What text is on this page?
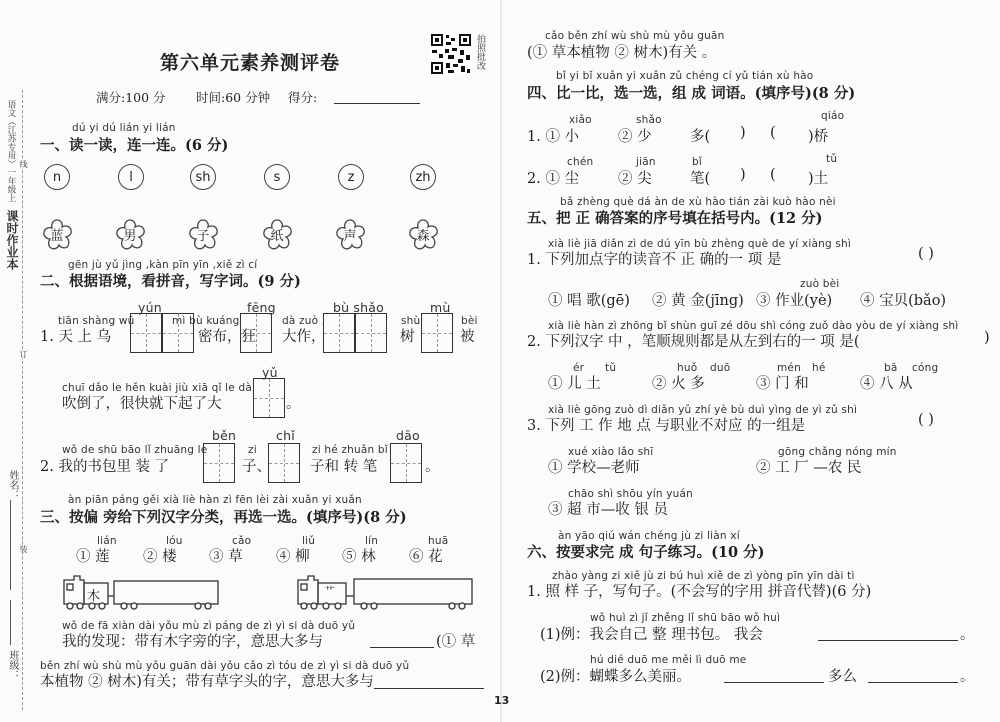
课时作业本
语文（江苏专用）一年级上 线
订
装
姓名：
班级：
第六单元素养测评卷	拍照批改
满分:100 分 时间:60 分钟 得分:
dú yi dú lián yi lián
一、读一读，连一连。(6 分)
n	l	sh	s	z	zh
蓝	男	子	纸	声	森
gēn jù yǔ jìng ,kàn pīn yīn ,xiě zì cí
二、根据语境，看拼音，写字词。(9 分)
yún	fēng	bù shǎo	mù
tiān shàng wū	mì bù kuáng	dà zuò ,	shù	bèi
1. 天 上 乌	密布，狂 大作，	树	被
chuī dǎo le hěn kuài jiù xiā qǐ le dà
yǔ
吹倒了，很快就下起了大	。
běn	chǐ	dāo
wǒ de shū bāo lǐ zhuāng le	zi	zi hé zhuǎn bǐ
2. 我的书包里 装 了	子、	子和 转 笔	。
àn piān páng gěi xià liè hàn zì fēn lèi zài xuǎn yi xuǎn
三、按偏 旁给下列汉字分类，再选一选。(填序号)(8 分)
lián	lóu	cǎo	liǔ	lín	huā
① 莲 ② 楼 ③ 草 ④ 柳 ⑤ 林 ⑥ 花
木	艹
wǒ de fā xiàn dài yǒu mù zì páng de zì yì si dà duō yǔ
我的发现：带有木字旁的字，意思大多与	(① 草
běn zhí wù shù mù yǒu guān dài yǒu cǎo zì tóu de zì yì si dà duō yǔ
本植物 ② 树木)有关；带有草字头的字，意思大多与
cǎo běn zhí wù shù mù yǒu guān
(① 草本植物 ② 树木)有关 。
bǐ yi bǐ xuǎn yi xuǎn zǔ chéng cí yǔ tián xù hào
四、比一比，选一选，组 成 词语。(填序号)(8 分)
xiǎo	shǎo	qiáo
1. ① 小	② 少	多( ) ( )桥
chén	jiān	bǐ	tǔ
2. ① 尘	② 尖	笔( ) ( )土
bǎ zhèng què dá àn de xù hào tián zài kuò hào nèi
五、把 正 确答案的序号填在括号内。(12 分)
xià liè jiā diǎn zì de dú yīn bù zhèng què de yí xiàng shì
1. 下列加点字的读音不 正 确的一 项 是	( )
zuò bèi
① 唱 歌(gē) ② 黄 金(jīng) ③ 作业(yè) ④ 宝贝(bǎo)
xià liè hàn zì zhōng bǐ shùn guī zé dōu shì cóng zuǒ dào yòu de yí xiàng shì
2. 下列汉字 中 ，笔顺规则都是从左到右的一 项 是(	)
ér tǔ	huǒ duō	mén hé	bā cóng
① 儿 土	② 火 多	③ 门 和	④ 八 从
xià liè gōng zuò dì diǎn yǔ zhí yè bù duì yìng de yì zǔ shì
3. 下列 工 作 地 点 与职业不对应 的一组是	( )
xué xiào lǎo shī	gōng chǎng nóng mín
① 学校—老师	② 工 厂 —农 民
chāo shì shōu yín yuán
③ 超 市—收 银 员
àn yāo qiú wán chéng jù zi liàn xí
六、按要求完 成 句子练习。(10 分)
zhào yàng zi xiě jù zi bú huì xiě de zì yòng pīn yīn dài tì
1. 照 样 子，写句子。(不会写的字用 拼音代替)(6 分)
wǒ huì zì jǐ zhěng lǐ shū bāo wǒ huì
(1)例：我会自己 整 理书包。 我会	。
hú dié duō me měi lì duō me
(2)例：蝴蝶多么美丽。	多么	。
13
